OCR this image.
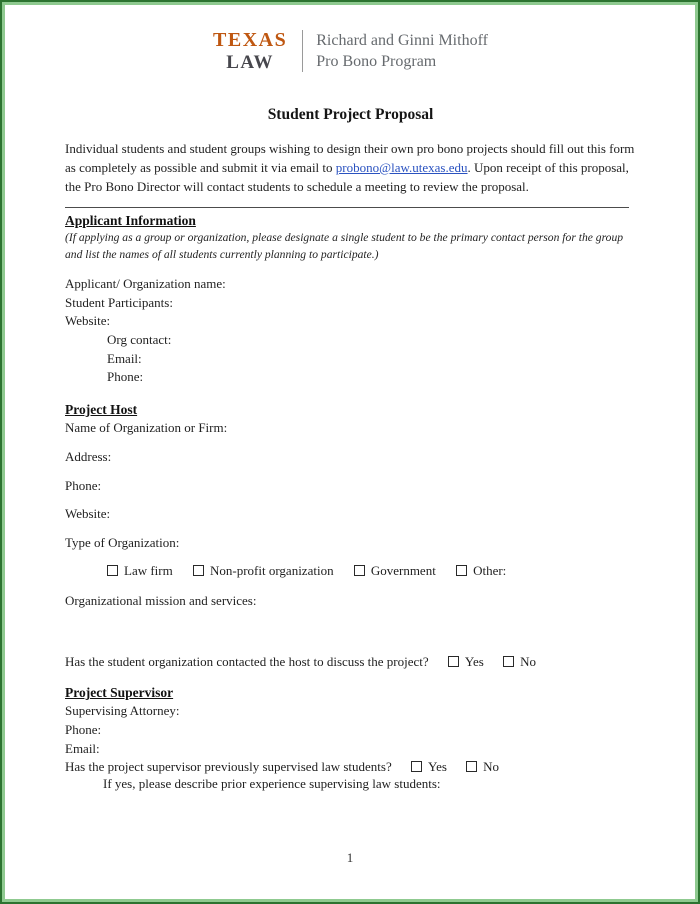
TEXAS
LAW
Richard and Ginni Mithoff
Pro Bono Program
Student Project Proposal

Individual students and student groups wishing to design their own pro bono projects should fill out this form as completely as possible and submit it via email to probono@law.utexas.edu. Upon receipt of this proposal, the Pro Bono Director will contact students to schedule a meeting to review the proposal.

Applicant Information

(If applying as a group or organization, please designate a single student to be the primary contact person for the group and list the names of all students currently planning to participate.)

Applicant/ Organization name:
Student Participants:
Website:
Org contact:
Email:
Phone:
Project Host
Name of Organization or Firm:
Address:
Phone:
Website:
Type of Organization:
Law firm	Non-profit organization	Government	Other:
Organizational mission and services:
Has the student organization contacted the host to discuss the project?	Yes	No
Project Supervisor
Supervising Attorney:
Phone:
Email:
Has the project supervisor previously supervised law students?	Yes	No
If yes, please describe prior experience supervising law students:
1
